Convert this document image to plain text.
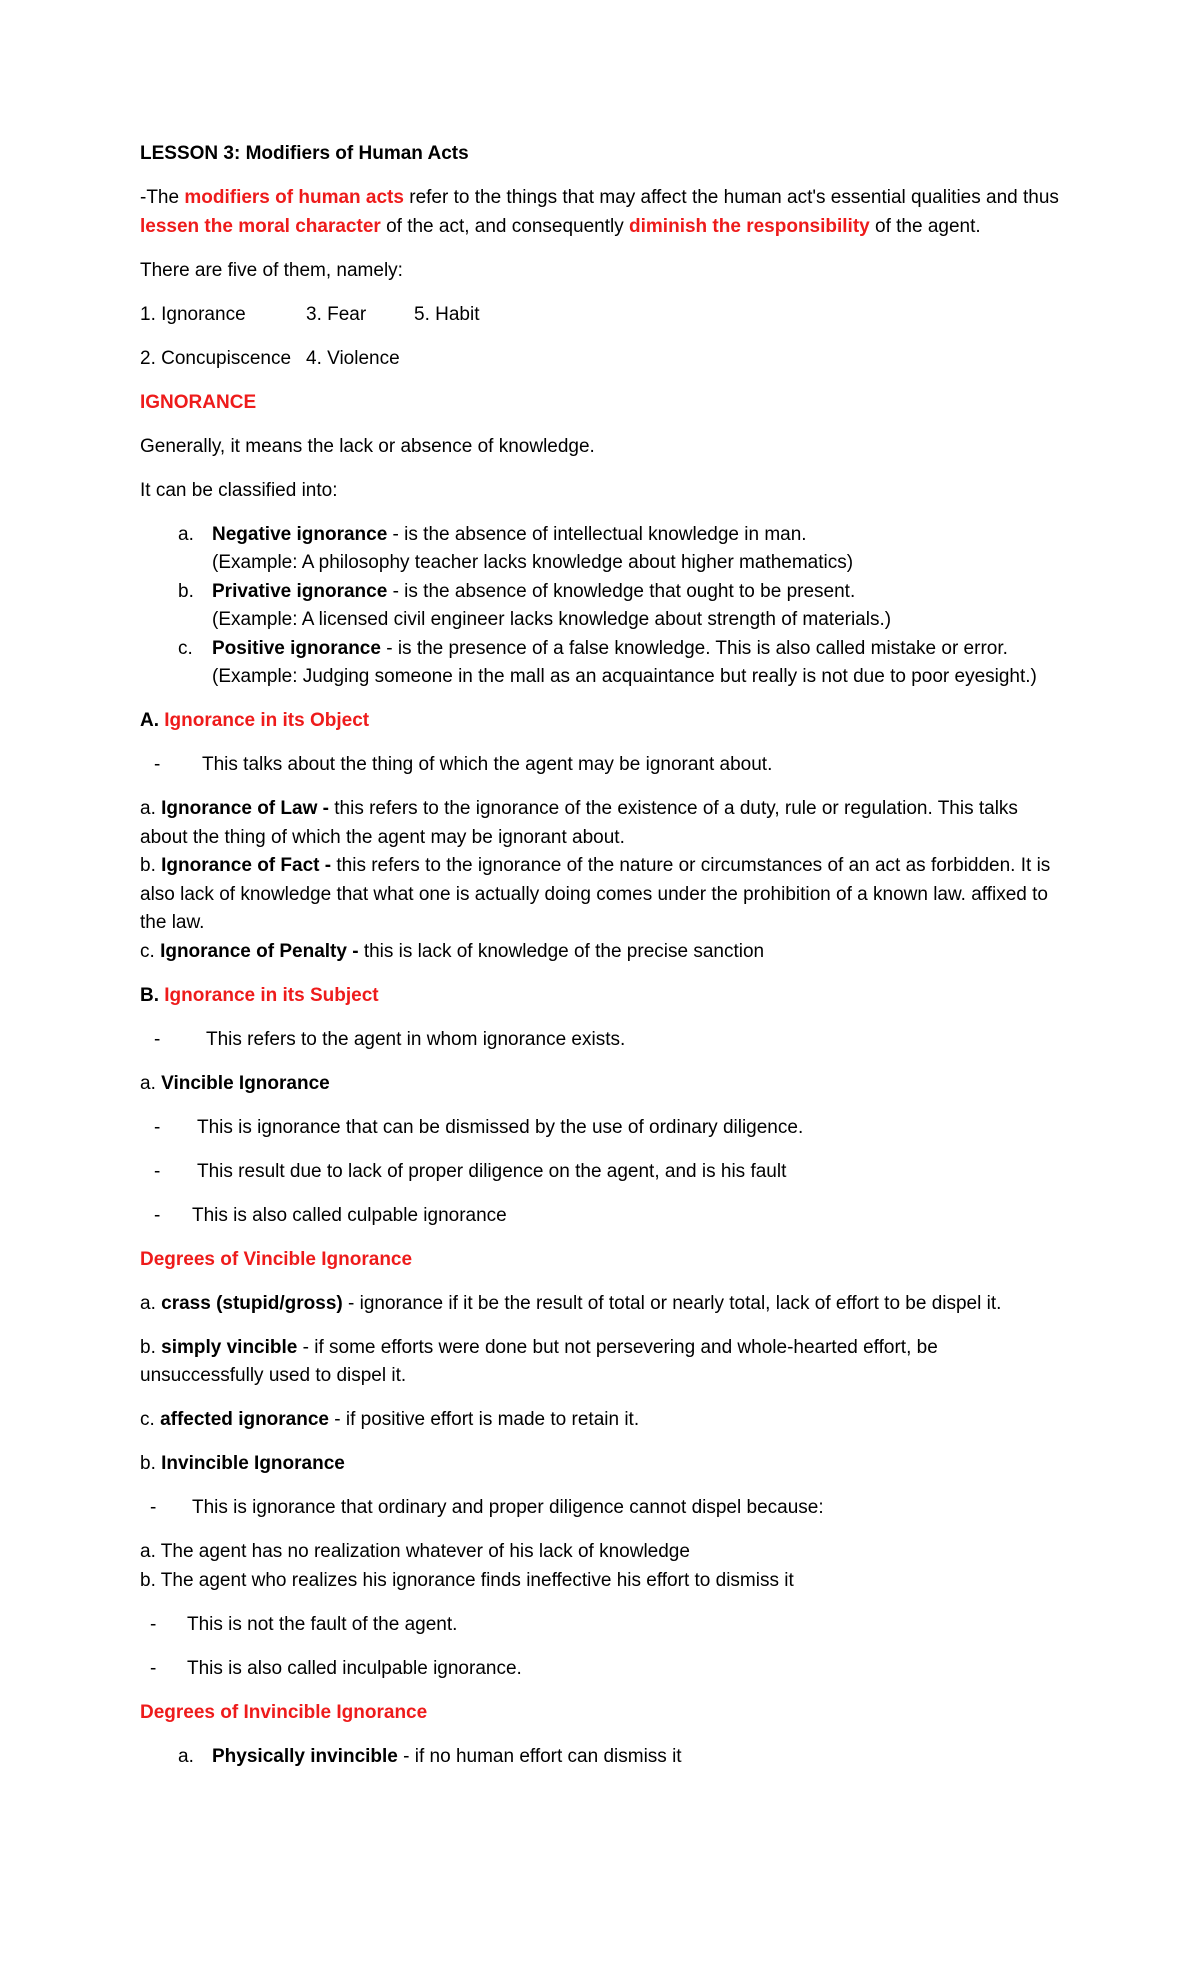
LESSON 3: Modifiers of Human Acts

-The modifiers of human acts refer to the things that may affect the human act's essential qualities and thus lessen the moral character of the act, and consequently diminish the responsibility of the agent.

There are five of them, namely:

1. Ignorance	3. Fear	5. Habit

2. Concupiscence 4. Violence

IGNORANCE

Generally, it means the lack or absence of knowledge.

It can be classified into:

a. Negative ignorance - is the absence of intellectual knowledge in man.
(Example: A philosophy teacher lacks knowledge about higher mathematics)
b. Privative ignorance - is the absence of knowledge that ought to be present.
(Example: A licensed civil engineer lacks knowledge about strength of materials.)
c. Positive ignorance - is the presence of a false knowledge. This is also called mistake or error.
(Example: Judging someone in the mall as an acquaintance but really is not due to poor eyesight.)

A. Ignorance in its Object

- This talks about the thing of which the agent may be ignorant about.
a. Ignorance of Law - this refers to the ignorance of the existence of a duty, rule or regulation. This talks about the thing of which the agent may be ignorant about.
b. Ignorance of Fact - this refers to the ignorance of the nature or circumstances of an act as forbidden. It is also lack of knowledge that what one is actually doing comes under the prohibition of a known law. affixed to the law.
c. Ignorance of Penalty - this is lack of knowledge of the precise sanction

B. Ignorance in its Subject

- This refers to the agent in whom ignorance exists.

a. Vincible Ignorance

- This is ignorance that can be dismissed by the use of ordinary diligence.
- This result due to lack of proper diligence on the agent, and is his fault
- This is also called culpable ignorance

Degrees of Vincible Ignorance

a. crass (stupid/gross) - ignorance if it be the result of total or nearly total, lack of effort to be dispel it.

b. simply vincible - if some efforts were done but not persevering and whole-hearted effort, be unsuccessfully used to dispel it.

c. affected ignorance - if positive effort is made to retain it.

b. Invincible Ignorance

- This is ignorance that ordinary and proper diligence cannot dispel because:
a. The agent has no realization whatever of his lack of knowledge
b. The agent who realizes his ignorance finds ineffective his effort to dismiss it
- This is not the fault of the agent.
- This is also called inculpable ignorance.

Degrees of Invincible Ignorance

a. Physically invincible - if no human effort can dismiss it
